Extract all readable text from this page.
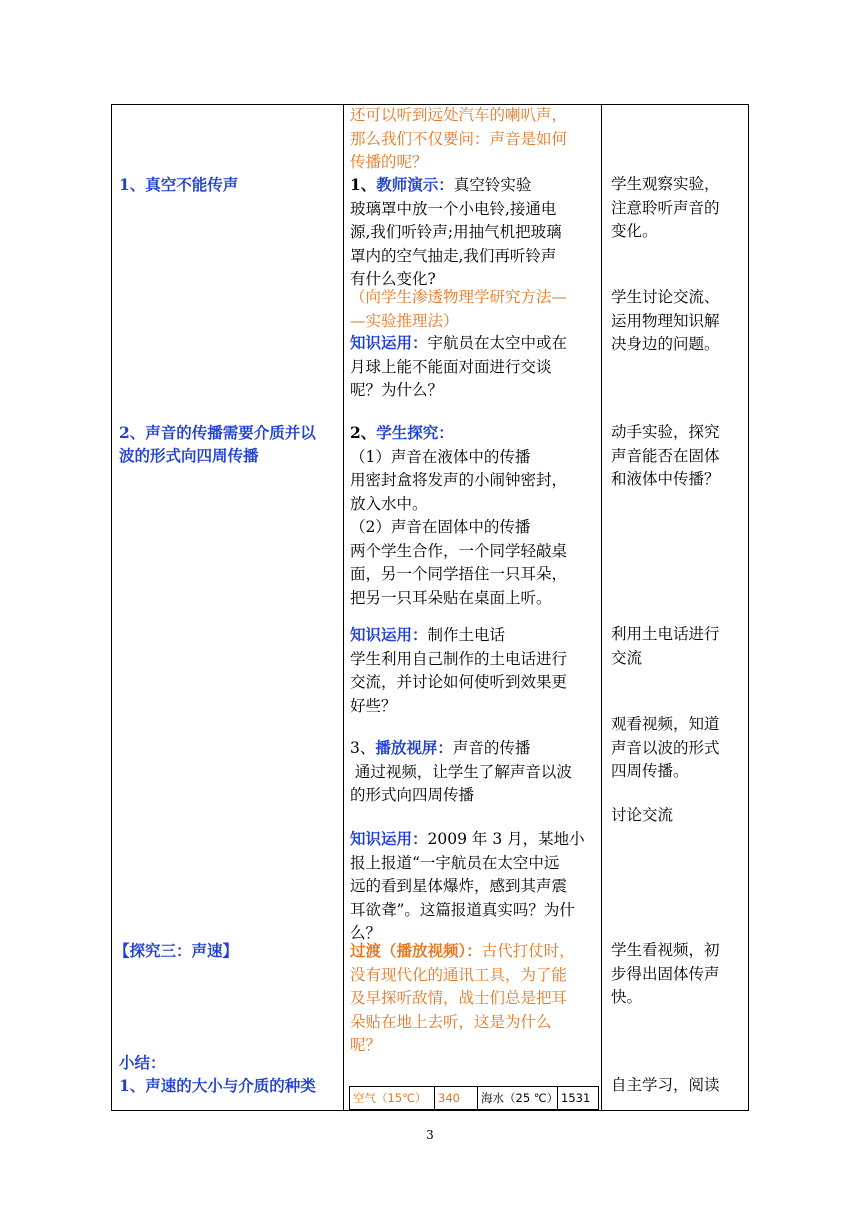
1、真空不能传声
2、声音的传播需要介质并以
波的形式向四周传播
【探究三：声速】
小结：
1、声速的大小与介质的种类
还可以听到远处汽车的喇叭声，
那么我们不仅要问：声音是如何
传播的呢？
1、教师演示：真空铃实验
玻璃罩中放一个小电铃,接通电
源,我们听铃声;用抽气机把玻璃
罩内的空气抽走,我们再听铃声
有什么变化?
（向学生渗透物理学研究方法—
—实验推理法）
知识运用：宇航员在太空中或在
月球上能不能面对面进行交谈
呢？为什么？
2、学生探究：
（1）声音在液体中的传播
用密封盒将发声的小闹钟密封，
放入水中。
（2）声音在固体中的传播
两个学生合作，一个同学轻敲桌
面，另一个同学捂住一只耳朵，
把另一只耳朵贴在桌面上听。
知识运用：制作土电话
学生利用自己制作的土电话进行
交流，并讨论如何使听到效果更
好些？
3、播放视屏：声音的传播
通过视频，让学生了解声音以波
的形式向四周传播
知识运用：2009 年 3 月，某地小
报上报道“一宇航员在太空中远
远的看到星体爆炸，感到其声震
耳欲聋”。这篇报道真实吗？为什
么？
过渡（播放视频）：古代打仗时，
没有现代化的通讯工具，为了能
及早探听敌情，战士们总是把耳
朵贴在地上去听，这是为什么
呢？
学生观察实验，
注意聆听声音的
变化。
学生讨论交流、
运用物理知识解
决身边的问题。
动手实验，探究
声音能否在固体
和液体中传播？
利用土电话进行
交流
观看视频，知道
声音以波的形式
四周传播。
讨论交流
学生看视频，初
步得出固体传声
快。
自主学习，阅读
空气（15℃） 340 海水（25 ℃） 1531
3
